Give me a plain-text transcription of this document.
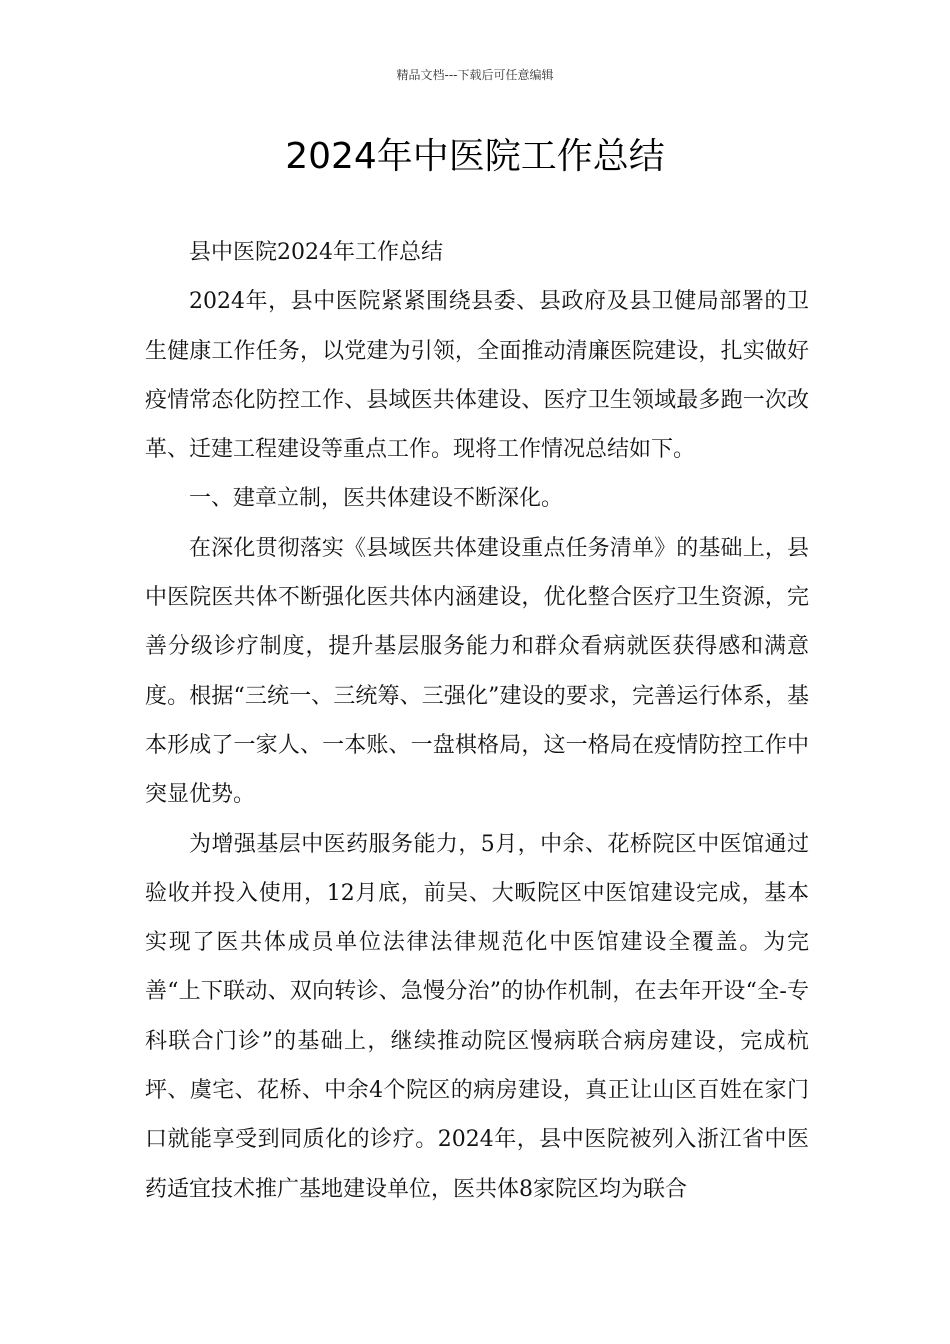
精品文档---下载后可任意编辑
2024年中医院工作总结

县中医院2024年工作总结

2024年，县中医院紧紧围绕县委、县政府及县卫健局部署的卫生健康工作任务，以党建为引领，全面推动清廉医院建设，扎实做好疫情常态化防控工作、县域医共体建设、医疗卫生领域最多跑一次改革、迁建工程建设等重点工作。现将工作情况总结如下。

一、建章立制，医共体建设不断深化。

在深化贯彻落实《县域医共体建设重点任务清单》的基础上，县中医院医共体不断强化医共体内涵建设，优化整合医疗卫生资源，完善分级诊疗制度，提升基层服务能力和群众看病就医获得感和满意度。根据“三统一、三统筹、三强化”建设的要求，完善运行体系，基本形成了一家人、一本账、一盘棋格局，这一格局在疫情防控工作中突显优势。

为增强基层中医药服务能力，5月，中余、花桥院区中医馆通过验收并投入使用，12月底，前吴、大畈院区中医馆建设完成，基本实现了医共体成员单位法律法律规范化中医馆建设全覆盖。为完善“上下联动、双向转诊、急慢分治”的协作机制，在去年开设“全-专科联合门诊”的基础上，继续推动院区慢病联合病房建设，完成杭坪、虞宅、花桥、中余4个院区的病房建设，真正让山区百姓在家门口就能享受到同质化的诊疗。2024年，县中医院被列入浙江省中医药适宜技术推广基地建设单位，医共体8家院区均为联合
